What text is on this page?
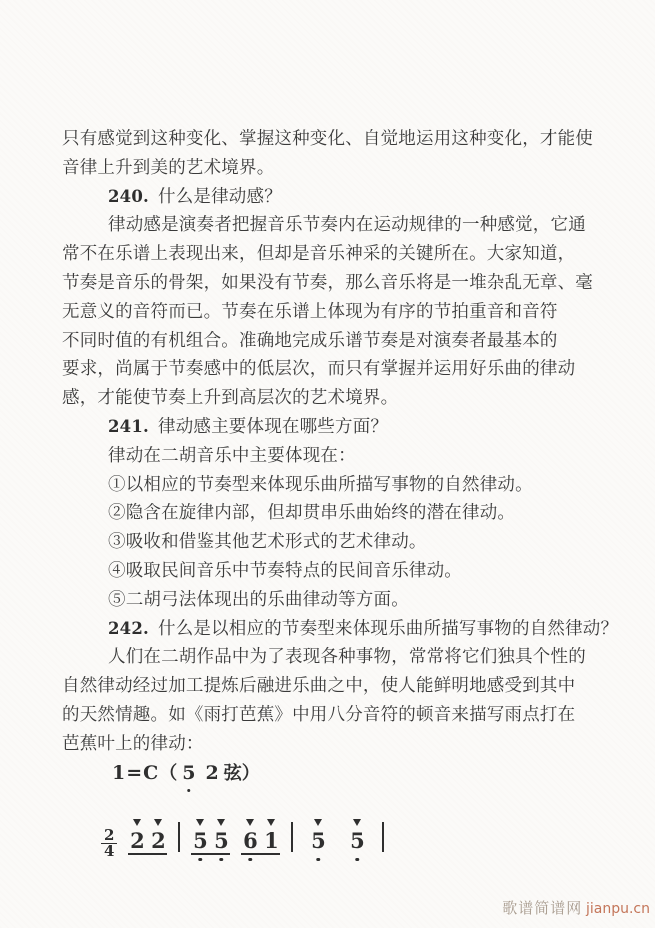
只有感觉到这种变化、掌握这种变化、自觉地运用这种变化，才能使
音律上升到美的艺术境界。
240. 什么是律动感？
律动感是演奏者把握音乐节奏内在运动规律的一种感觉，它通
常不在乐谱上表现出来，但却是音乐神采的关键所在。大家知道，
节奏是音乐的骨架，如果没有节奏，那么音乐将是一堆杂乱无章、毫
无意义的音符而已。节奏在乐谱上体现为有序的节拍重音和音符
不同时值的有机组合。准确地完成乐谱节奏是对演奏者最基本的
要求，尚属于节奏感中的低层次，而只有掌握并运用好乐曲的律动
感，才能使节奏上升到高层次的艺术境界。
241. 律动感主要体现在哪些方面？
律动在二胡音乐中主要体现在：
①以相应的节奏型来体现乐曲所描写事物的自然律动。
②隐含在旋律内部，但却贯串乐曲始终的潜在律动。
③吸收和借鉴其他艺术形式的艺术律动。
④吸取民间音乐中节奏特点的民间音乐律动。
⑤二胡弓法体现出的乐曲律动等方面。
242. 什么是以相应的节奏型来体现乐曲所描写事物的自然律动？
人们在二胡作品中为了表现各种事物，常常将它们独具个性的
自然律动经过加工提炼后融进乐曲之中，使人能鲜明地感受到其中
的天然情趣。如《雨打芭蕉》中用八分音符的顿音来描写雨点打在
芭蕉叶上的律动：
1=C（ 5 2 弦）
$\frac{2}{4} 2$ 2 5 5 6 1 5 5
歌谱简谱网 jianpu.cn
